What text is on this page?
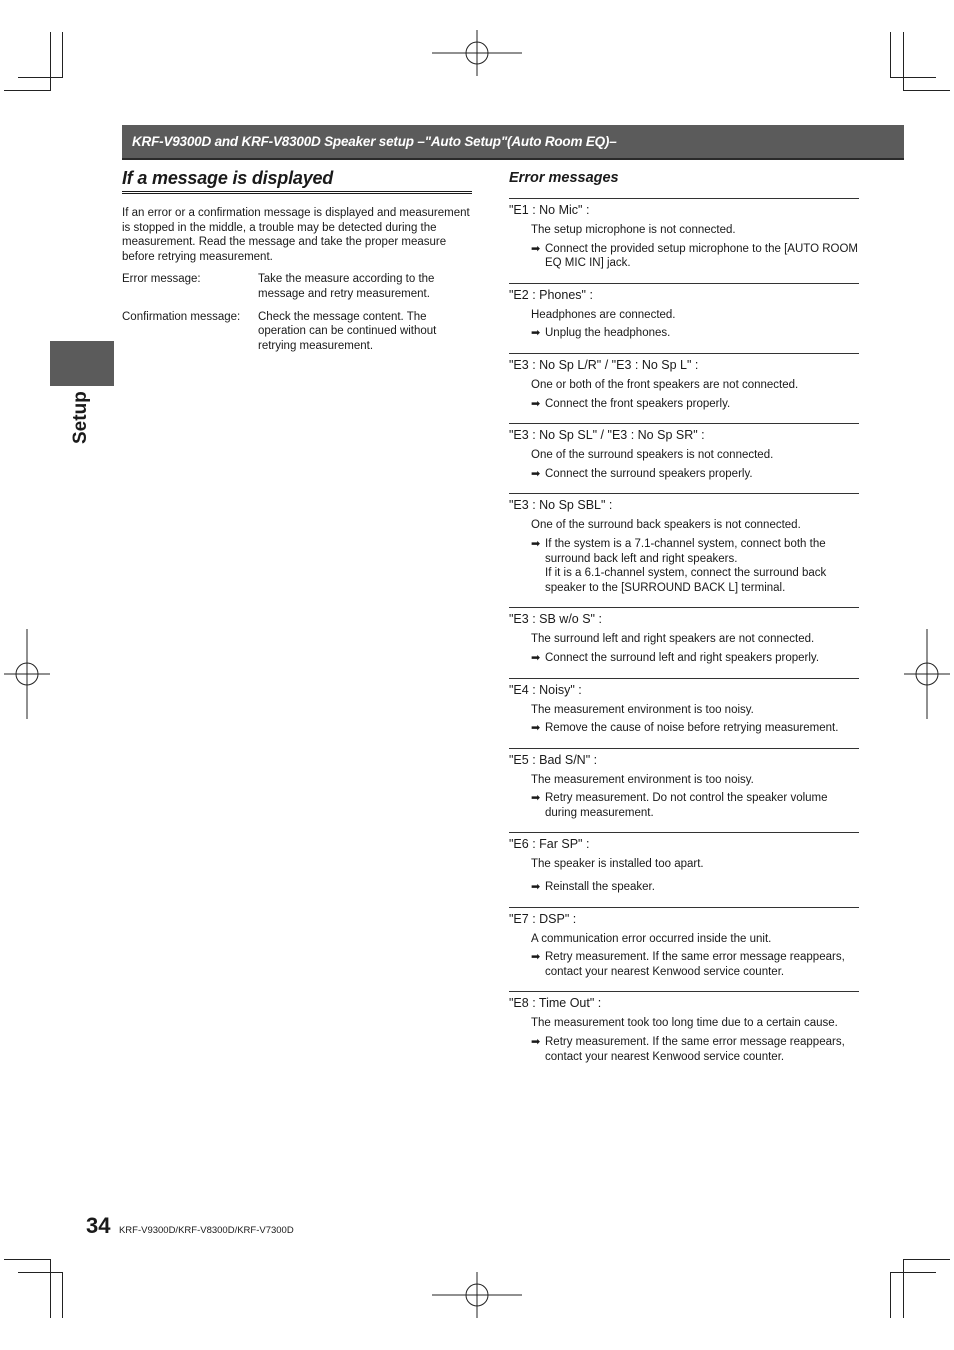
KRF-V9300D and KRF-V8300D Speaker setup –"Auto Setup"(Auto Room EQ)–
Setup
If a message is displayed
If an error or a confirmation message is displayed and measurement is stopped in the middle, a trouble may be detected during the measurement. Read the message and take the proper measure before retrying measurement.
Error message:	Take the measure according to the message and retry measurement.
Confirmation message:	Check the message content. The operation can be continued without retrying measurement.
Error messages
"E1 : No Mic" :
The setup microphone is not connected.
➡ Connect the provided setup microphone to the [AUTO ROOM EQ MIC IN] jack.
"E2 : Phones" :
Headphones are connected.
➡ Unplug the headphones.
"E3 : No Sp L/R" / "E3 : No Sp L" :
One or both of the front speakers are not connected.
➡ Connect the front speakers properly.
"E3 : No Sp SL" / "E3 : No Sp SR" :
One of the surround speakers is not connected.
➡ Connect the surround speakers properly.
"E3 : No Sp SBL" :
One of the surround back speakers is not connected.
➡ If the system is a 7.1-channel system, connect both the surround back left and right speakers.
If it is a 6.1-channel system, connect the surround back speaker to the [SURROUND BACK L] terminal.
"E3 : SB w/o S" :
The surround left and right speakers are not connected.
➡ Connect the surround left and right speakers properly.
"E4 : Noisy" :
The measurement environment is too noisy.
➡ Remove the cause of noise before retrying measurement.
"E5 : Bad S/N" :
The measurement environment is too noisy.
➡ Retry measurement. Do not control the speaker volume during measurement.
"E6 : Far SP" :
The speaker is installed too apart.
➡ Reinstall the speaker.
"E7 : DSP" :
A communication error occurred inside the unit.
➡ Retry measurement. If the same error message reappears, contact your nearest Kenwood service counter.
"E8 : Time Out" :
The measurement took too long time due to a certain cause.
➡ Retry measurement. If the same error message reappears, contact your nearest Kenwood service counter.
34 KRF-V9300D/KRF-V8300D/KRF-V7300D
